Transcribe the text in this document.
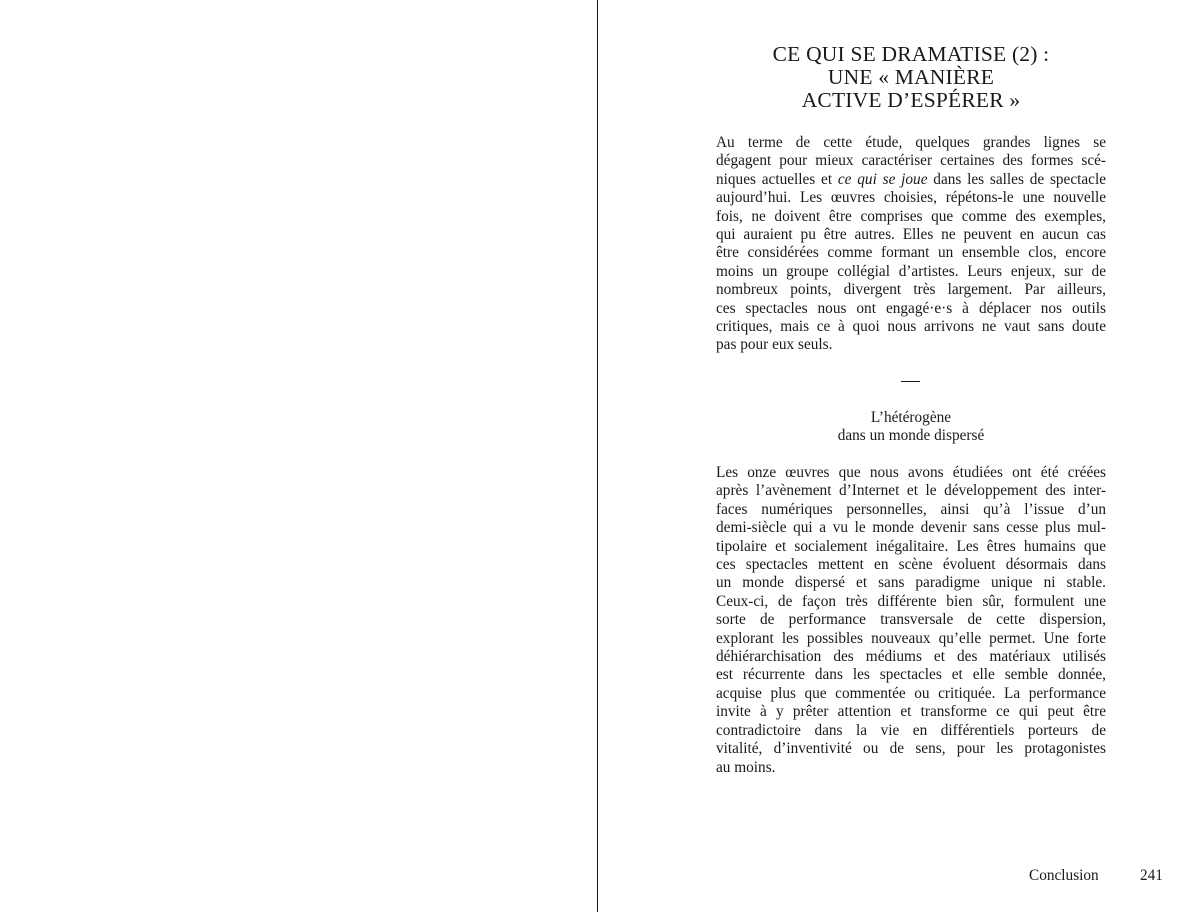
CE QUI SE DRAMATISE (2) :
UNE « MANIÈRE
ACTIVE D’ESPÉRER »

Au terme de cette étude, quelques grandes lignes se
dégagent pour mieux caractériser certaines des formes scé-
niques actuelles et ce qui se joue dans les salles de spectacle
aujourd’hui. Les œuvres choisies, répétons-le une nouvelle
fois, ne doivent être comprises que comme des exemples,
qui auraient pu être autres. Elles ne peuvent en aucun cas
être considérées comme formant un ensemble clos, encore
moins un groupe collégial d’artistes. Leurs enjeux, sur de
nombreux points, divergent très largement. Par ailleurs,
ces spectacles nous ont engagé·e·s à déplacer nos outils
critiques, mais ce à quoi nous arrivons ne vaut sans doute
pas pour eux seuls.

L’hétérogène
dans un monde dispersé

Les onze œuvres que nous avons étudiées ont été créées
après l’avènement d’Internet et le développement des inter-
faces numériques personnelles, ainsi qu’à l’issue d’un
demi-siècle qui a vu le monde devenir sans cesse plus mul-
tipolaire et socialement inégalitaire. Les êtres humains que
ces spectacles mettent en scène évoluent désormais dans
un monde dispersé et sans paradigme unique ni stable.
Ceux-ci, de façon très différente bien sûr, formulent une
sorte de performance transversale de cette dispersion,
explorant les possibles nouveaux qu’elle permet. Une forte
déhiérarchisation des médiums et des matériaux utilisés
est récurrente dans les spectacles et elle semble donnée,
acquise plus que commentée ou critiquée. La performance
invite à y prêter attention et transforme ce qui peut être
contradictoire dans la vie en différentiels porteurs de
vitalité, d’inventivité ou de sens, pour les protagonistes
au moins.

Conclusion	241
